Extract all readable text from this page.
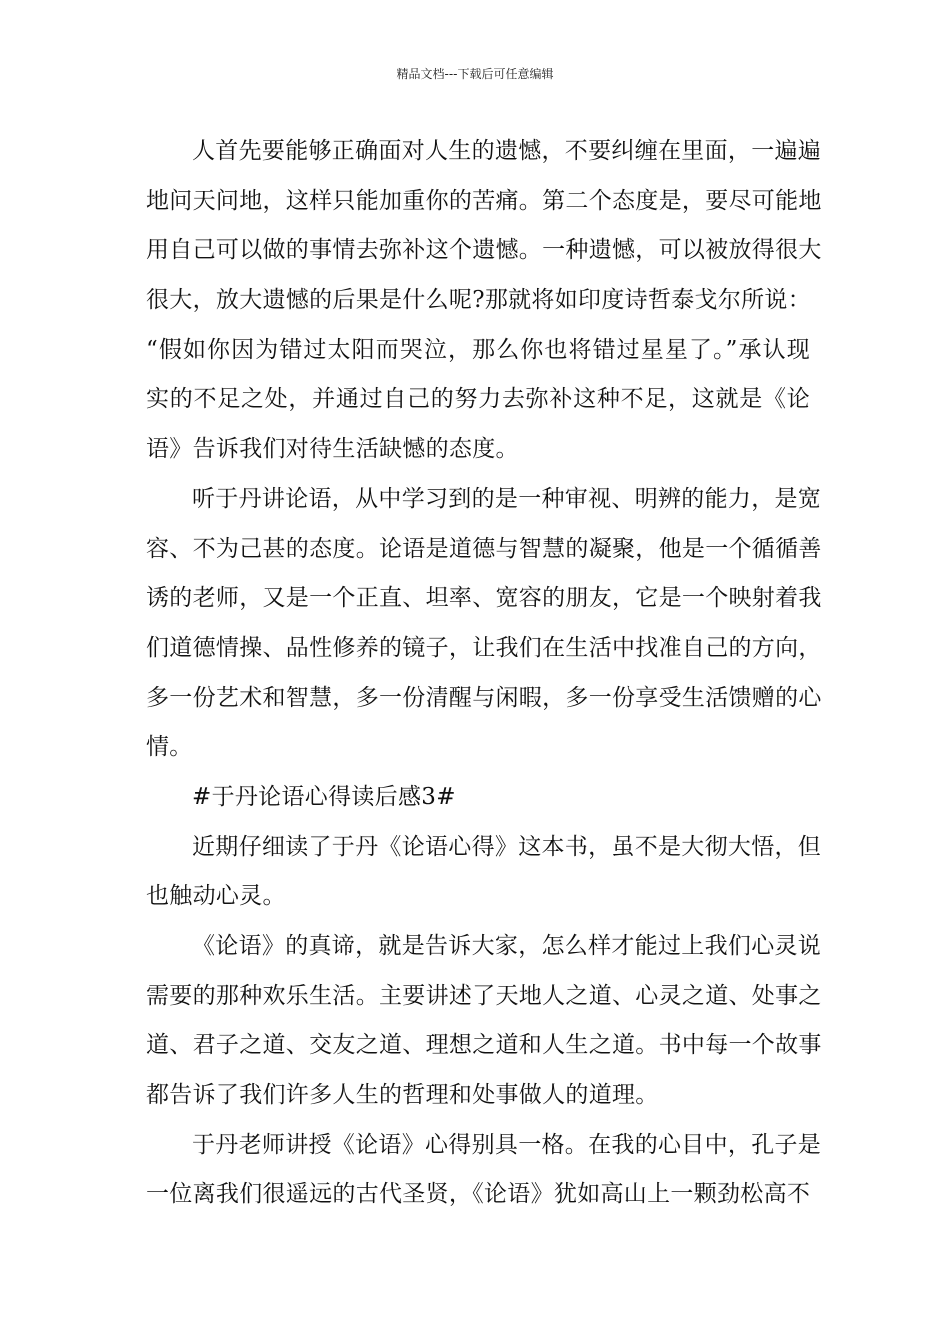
精品文档---下载后可任意编辑
人首先要能够正确面对人生的遗憾，不要纠缠在里面，一遍遍
地问天问地，这样只能加重你的苦痛。第二个态度是，要尽可能地
用自己可以做的事情去弥补这个遗憾。一种遗憾，可以被放得很大
很大，放大遗憾的后果是什么呢?那就将如印度诗哲泰戈尔所说：
“假如你因为错过太阳而哭泣，那么你也将错过星星了。”承认现
实的不足之处，并通过自己的努力去弥补这种不足，这就是《论
语》告诉我们对待生活缺憾的态度。
听于丹讲论语，从中学习到的是一种审视、明辨的能力，是宽
容、不为己甚的态度。论语是道德与智慧的凝聚，他是一个循循善
诱的老师，又是一个正直、坦率、宽容的朋友，它是一个映射着我
们道德情操、品性修养的镜子，让我们在生活中找准自己的方向，
多一份艺术和智慧，多一份清醒与闲暇，多一份享受生活馈赠的心
情。
#于丹论语心得读后感3#
近期仔细读了于丹《论语心得》这本书，虽不是大彻大悟，但
也触动心灵。
《论语》的真谛，就是告诉大家，怎么样才能过上我们心灵说
需要的那种欢乐生活。主要讲述了天地人之道、心灵之道、处事之
道、君子之道、交友之道、理想之道和人生之道。书中每一个故事
都告诉了我们许多人生的哲理和处事做人的道理。
于丹老师讲授《论语》心得别具一格。在我的心目中，孔子是
一位离我们很遥远的古代圣贤，《论语》犹如高山上一颗劲松高不
